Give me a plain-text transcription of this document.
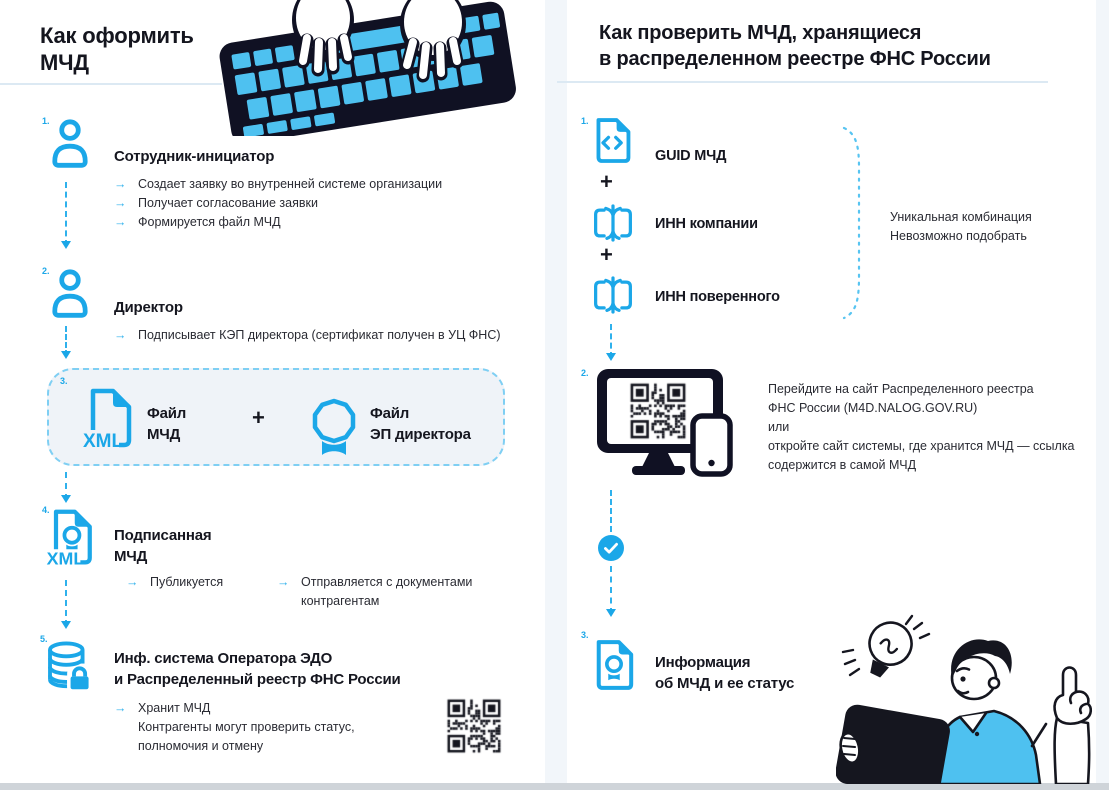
Как оформить
МЧД
1.
Сотрудник-инициатор
→ Создает заявку во внутренней системе организации
→ Получает согласование заявки
→ Формируется файл МЧД
2.
Директор
→ Подписывает КЭП директора (сертификат получен в УЦ ФНС)
3.
XML
Файл
МЧД
+	Файл
ЭП директора
4.
XML
Подписанная
МЧД
→ Публикуется	→ Отправляется с документами
контрагентам
5.
Инф. система Оператора ЭДО
и Распределенный реестр ФНС России
→ Хранит МЧД
Контрагенты могут проверить статус,
полномочия и отмену
Как проверить МЧД, хранящиеся
в распределенном реестре ФНС России
1.
GUID МЧД
+
ИНН компании
+
ИНН поверенного
Уникальная комбинация
Невозможно подобрать
2.
Перейдите на сайт Распределенного реестра
ФНС России (M4D.NALOG.GOV.RU)
или
откройте сайт системы, где хранится МЧД — ссылка
содержится в самой МЧД
3.
Информация
об МЧД и ее статус
